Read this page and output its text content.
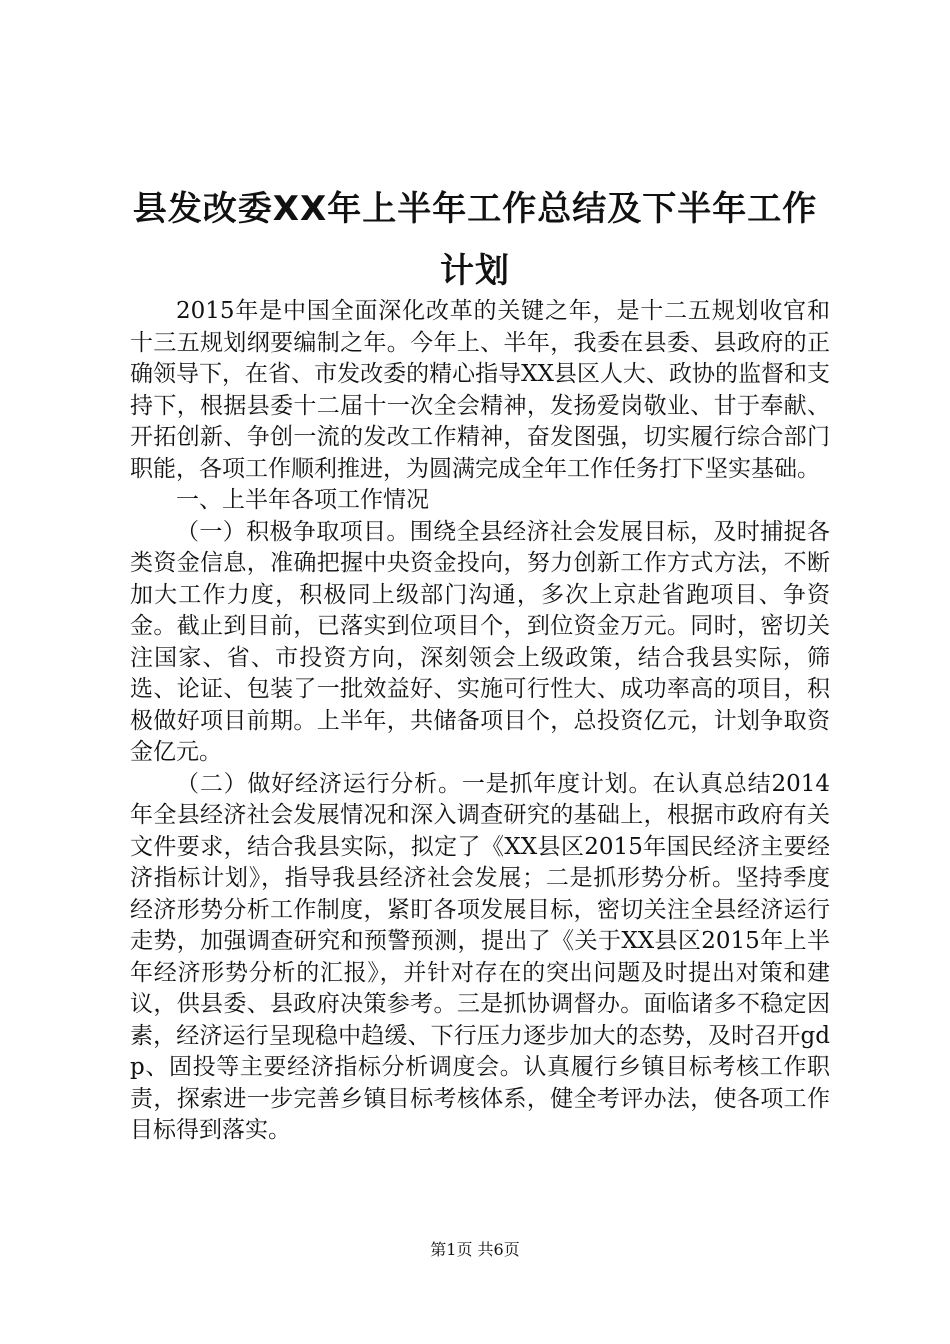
县发改委XX年上半年工作总结及下半年工作计划

2015年是中国全面深化改革的关键之年，是十二五规划收官和十三五规划纲要编制之年。今年上、半年，我委在县委、县政府的正确领导下，在省、市发改委的精心指导XX县区人大、政协的监督和支持下，根据县委十二届十一次全会精神，发扬爱岗敬业、甘于奉献、开拓创新、争创一流的发改工作精神，奋发图强，切实履行综合部门职能，各项工作顺利推进，为圆满完成全年工作任务打下坚实基础。

一、上半年各项工作情况

（一）积极争取项目。围绕全县经济社会发展目标，及时捕捉各类资金信息，准确把握中央资金投向，努力创新工作方式方法，不断加大工作力度，积极同上级部门沟通，多次上京赴省跑项目、争资金。截止到目前，已落实到位项目个，到位资金万元。同时，密切关注国家、省、市投资方向，深刻领会上级政策，结合我县实际，筛选、论证、包装了一批效益好、实施可行性大、成功率高的项目，积极做好项目前期。上半年，共储备项目个，总投资亿元，计划争取资金亿元。

（二）做好经济运行分析。一是抓年度计划。在认真总结2014年全县经济社会发展情况和深入调查研究的基础上，根据市政府有关文件要求，结合我县实际，拟定了《XX县区2015年国民经济主要经济指标计划》，指导我县经济社会发展；二是抓形势分析。坚持季度经济形势分析工作制度，紧盯各项发展目标，密切关注全县经济运行走势，加强调查研究和预警预测，提出了《关于XX县区2015年上半年经济形势分析的汇报》，并针对存在的突出问题及时提出对策和建议，供县委、县政府决策参考。三是抓协调督办。面临诸多不稳定因素，经济运行呈现稳中趋缓、下行压力逐步加大的态势，及时召开gdp、固投等主要经济指标分析调度会。认真履行乡镇目标考核工作职责，探索进一步完善乡镇目标考核体系，健全考评办法，使各项工作目标得到落实。

第1页 共6页
